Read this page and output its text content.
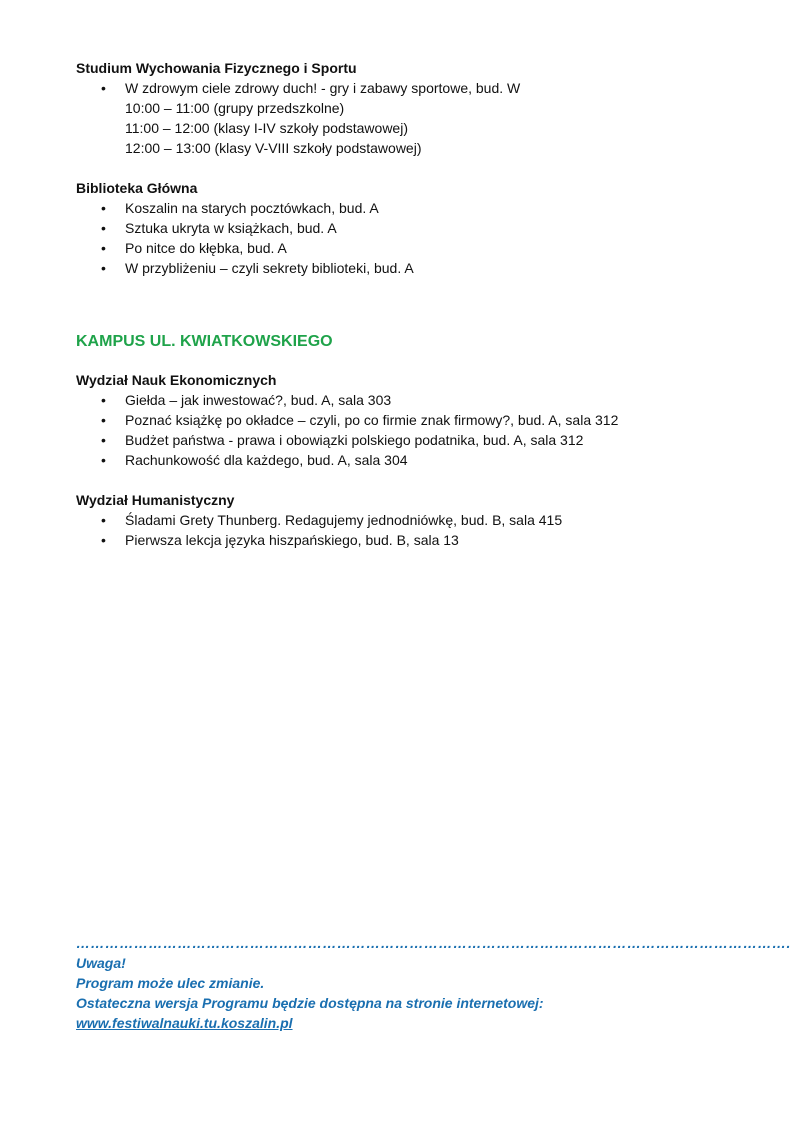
Studium Wychowania Fizycznego i Sportu

• W zdrowym ciele zdrowy duch! - gry i zabawy sportowe, bud. W
10:00 – 11:00 (grupy przedszkolne)
11:00 – 12:00 (klasy I-IV szkoły podstawowej)
12:00 – 13:00 (klasy V-VIII szkoły podstawowej)

Biblioteka Główna

• Koszalin na starych pocztówkach, bud. A
• Sztuka ukryta w książkach, bud. A
• Po nitce do kłębka, bud. A
• W przybliżeniu – czyli sekrety biblioteki, bud. A

KAMPUS UL. KWIATKOWSKIEGO

Wydział Nauk Ekonomicznych

• Giełda – jak inwestować?, bud. A, sala 303
• Poznać książkę po okładce – czyli, po co firmie znak firmowy?, bud. A, sala 312
• Budżet państwa - prawa i obowiązki polskiego podatnika, bud. A, sala 312
• Rachunkowość dla każdego, bud. A, sala 304

Wydział Humanistyczny

• Śladami Grety Thunberg. Redagujemy jednodniówkę, bud. B, sala 415
• Pierwsza lekcja języka hiszpańskiego, bud. B, sala 13
………………………………………………………………………………………………………………………………….
Uwaga!
Program może ulec zmianie.
Ostateczna wersja Programu będzie dostępna na stronie internetowej:
www.festiwalnauki.tu.koszalin.pl
